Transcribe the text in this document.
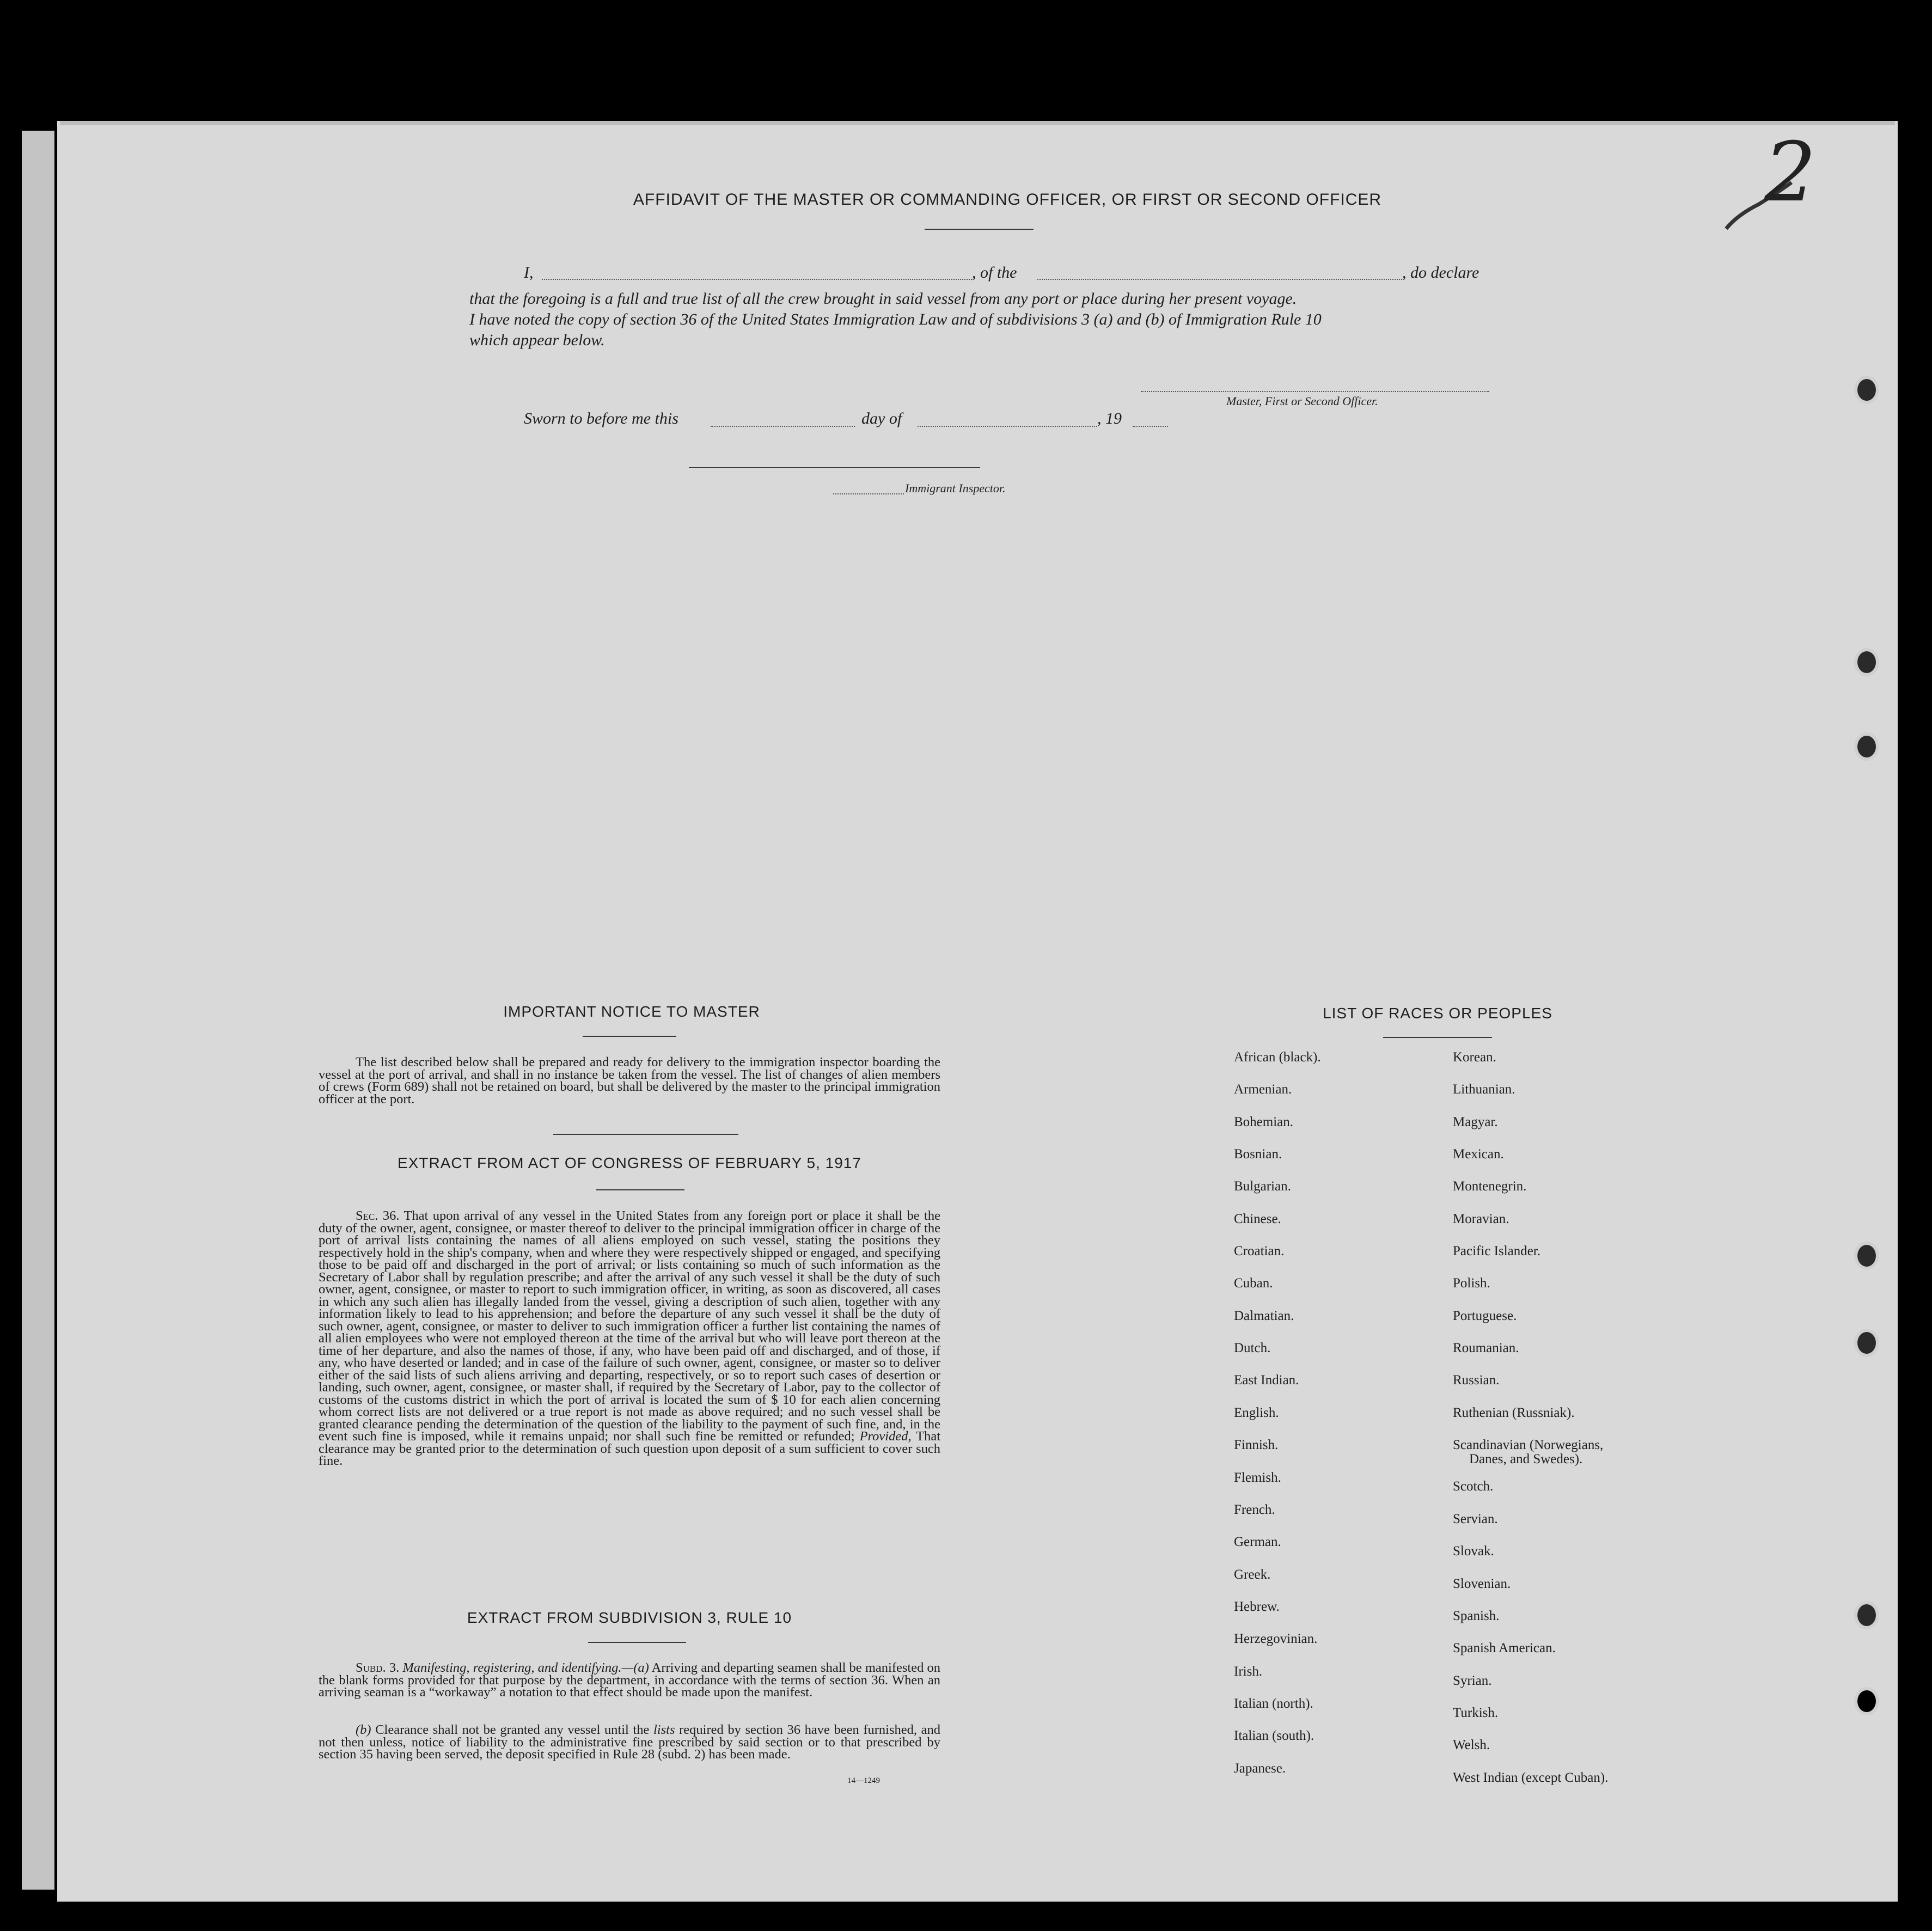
2
AFFIDAVIT OF THE MASTER OR COMMANDING OFFICER, OR FIRST OR SECOND OFFICER
I,	, of the	, do declare
that the foregoing is a full and true list of all the crew brought in said vessel from any port or place during her present voyage.
I have noted the copy of section 36 of the United States Immigration Law and of subdivisions 3 (a) and (b) of Immigration Rule 10
which appear below.
Master, First or Second Officer.
Sworn to before me this	day of	, 19
Immigrant Inspector.
IMPORTANT NOTICE TO MASTER
The list described below shall be prepared and ready for delivery to the immigration inspector boarding the vessel at the port of arrival, and shall in no instance be taken from the vessel. The list of changes of alien members of crews (Form 689) shall not be retained on board, but shall be delivered by the master to the principal immigration officer at the port.
EXTRACT FROM ACT OF CONGRESS OF FEBRUARY 5, 1917
Sec. 36. That upon arrival of any vessel in the United States from any foreign port or place it shall be the duty of the owner, agent, consignee, or master thereof to deliver to the principal immigration officer in charge of the port of arrival lists containing the names of all aliens employed on such vessel, stating the positions they respectively hold in the ship's company, when and where they were respectively shipped or engaged, and specifying those to be paid off and discharged in the port of arrival; or lists containing so much of such information as the Secretary of Labor shall by regulation prescribe; and after the arrival of any such vessel it shall be the duty of such owner, agent, consignee, or master to report to such immigration officer, in writing, as soon as discovered, all cases in which any such alien has illegally landed from the vessel, giving a description of such alien, together with any information likely to lead to his apprehension; and before the departure of any such vessel it shall be the duty of such owner, agent, consignee, or master to deliver to such immigration officer a further list containing the names of all alien employees who were not employed thereon at the time of the arrival but who will leave port thereon at the time of her departure, and also the names of those, if any, who have been paid off and discharged, and of those, if any, who have deserted or landed; and in case of the failure of such owner, agent, consignee, or master so to deliver either of the said lists of such aliens arriving and departing, respectively, or so to report such cases of desertion or landing, such owner, agent, consignee, or master shall, if required by the Secretary of Labor, pay to the collector of customs of the customs district in which the port of arrival is located the sum of $ 10 for each alien concerning whom correct lists are not delivered or a true report is not made as above required; and no such vessel shall be granted clearance pending the determination of the question of the liability to the payment of such fine, and, in the event such fine is imposed, while it remains unpaid; nor shall such fine be remitted or refunded; Provided, That clearance may be granted prior to the determination of such question upon deposit of a sum sufficient to cover such fine.
EXTRACT FROM SUBDIVISION 3, RULE 10
Subd. 3. Manifesting, registering, and identifying.—(a) Arriving and departing seamen shall be manifested on the blank forms provided for that purpose by the department, in accordance with the terms of section 36. When an arriving seaman is a “workaway” a notation to that effect should be made upon the manifest.
(b) Clearance shall not be granted any vessel until the lists required by section 36 have been furnished, and not then unless, notice of liability to the administrative fine prescribed by said section or to that prescribed by section 35 having been served, the deposit specified in Rule 28 (subd. 2) has been made.
14—1249
LIST OF RACES OR PEOPLES
African (black).
Armenian.
Bohemian.
Bosnian.
Bulgarian.
Chinese.
Croatian.
Cuban.
Dalmatian.
Dutch.
East Indian.
English.
Finnish.
Flemish.
French.
German.
Greek.
Hebrew.
Herzegovinian.
Irish.
Italian (north).
Italian (south).
Japanese.
Korean.
Lithuanian.
Magyar.
Mexican.
Montenegrin.
Moravian.
Pacific Islander.
Polish.
Portuguese.
Roumanian.
Russian.
Ruthenian (Russniak).
Scandinavian (Norwegians,
Danes, and Swedes).
Scotch.
Servian.
Slovak.
Slovenian.
Spanish.
Spanish American.
Syrian.
Turkish.
Welsh.
West Indian (except Cuban).
